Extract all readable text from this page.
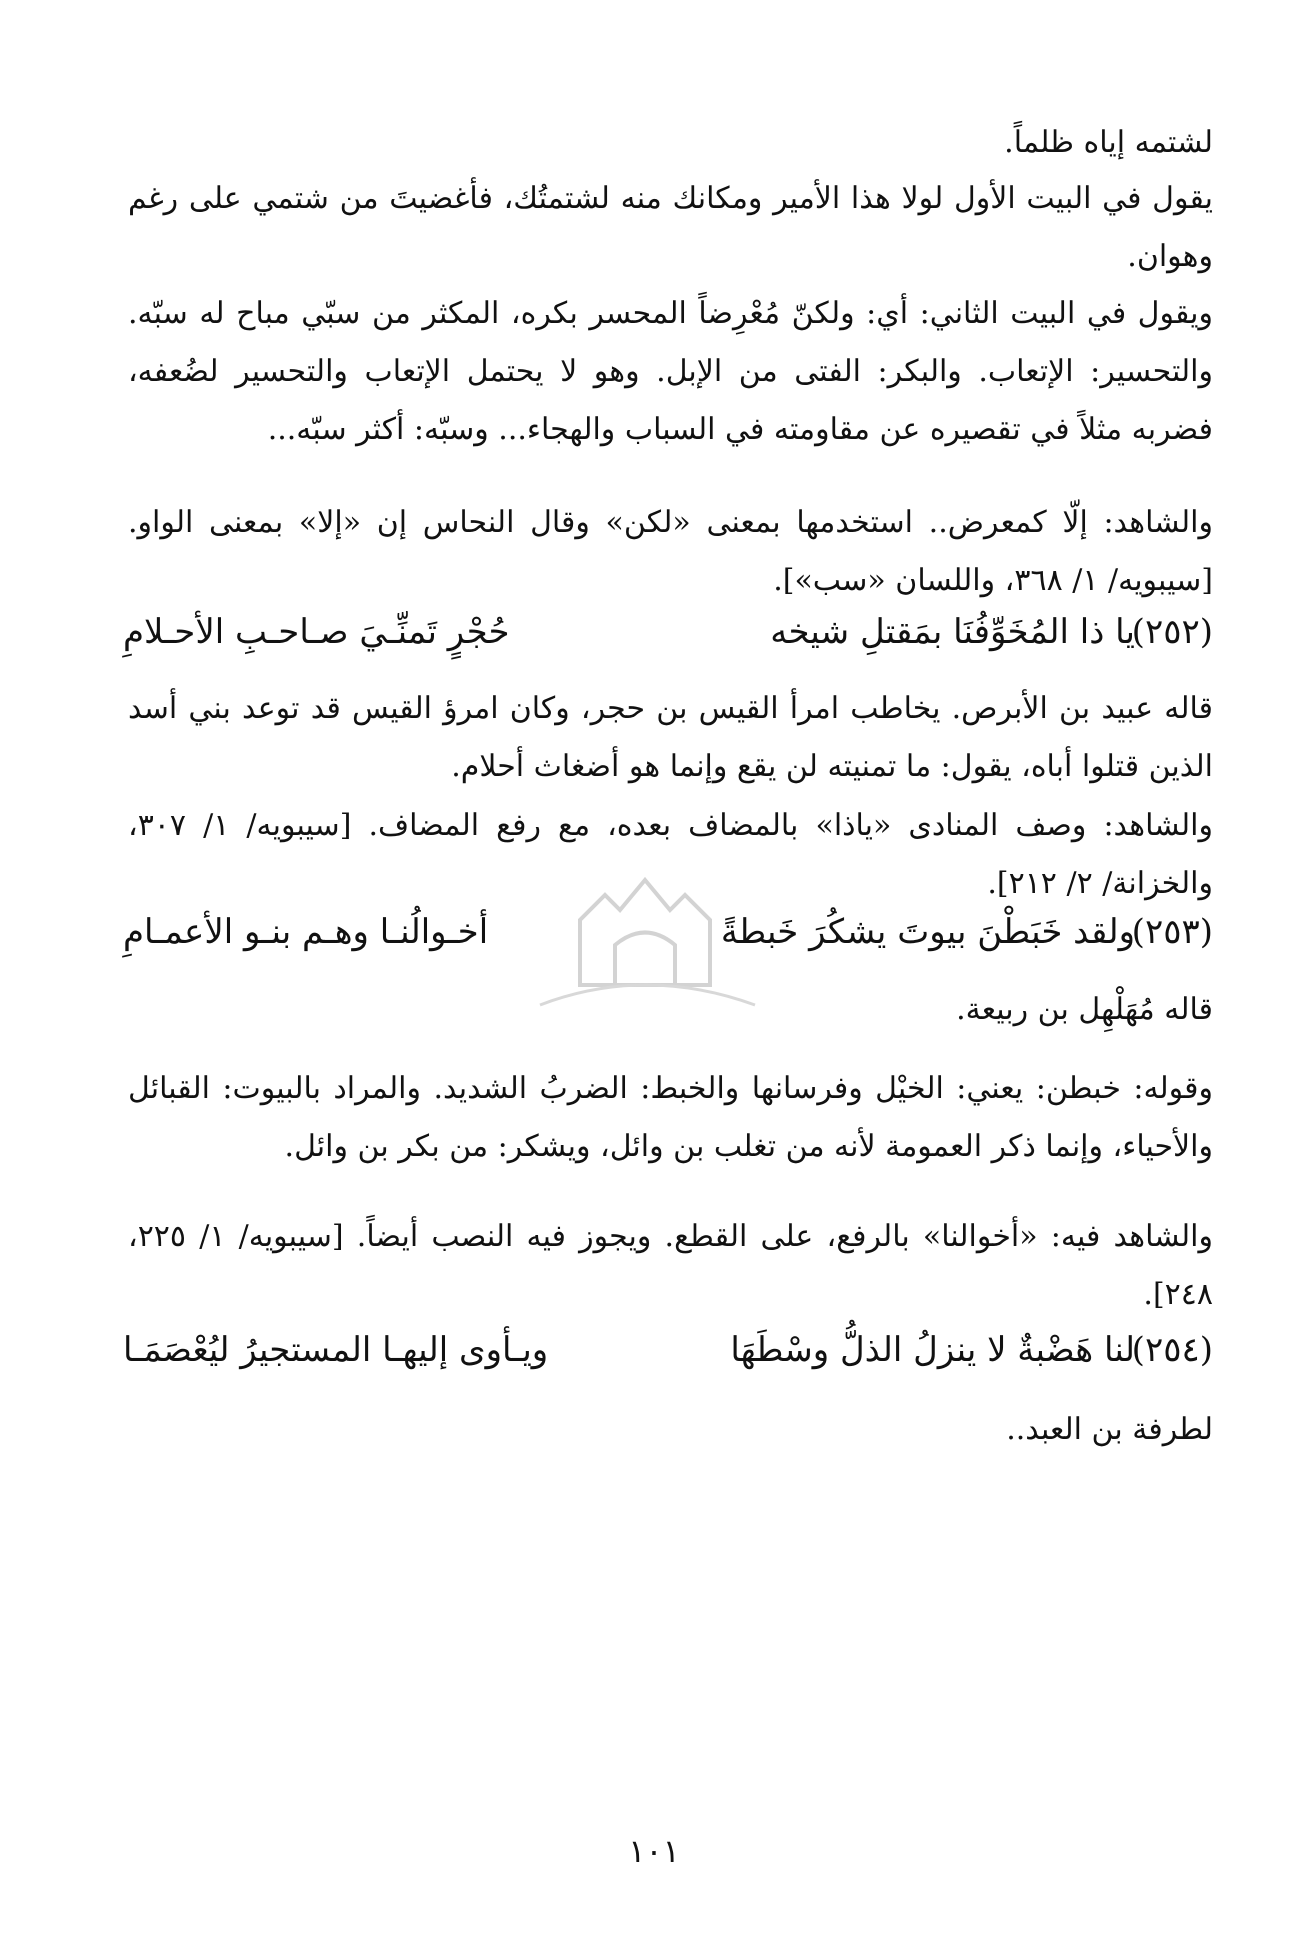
لشتمه إياه ظلماً.
يقول في البيت الأول لولا هذا الأمير ومكانك منه لشتمتُك، فأغضيتَ من شتمي على رغم وهوان.
ويقول في البيت الثاني: أي: ولكنّ مُعْرِضاً المحسر بكره، المكثر من سبّي مباح له سبّه. والتحسير: الإتعاب. والبكر: الفتى من الإبل. وهو لا يحتمل الإتعاب والتحسير لضُعفه، فضربه مثلاً في تقصيره عن مقاومته في السباب والهجاء... وسبّه: أكثر سبّه...
والشاهد: إلّا كمعرض.. استخدمها بمعنى «لكن» وقال النحاس إن «إلا» بمعنى الواو. [سيبويه/ ١/ ٣٦٨، واللسان «سب»].
(٢٥٢)
يا ذا المُخَوِّفُنَا بمَقتلِ شيخه
حُجْرٍ تَمنِّـيَ صـاحـبِ الأحـلامِ
قاله عبيد بن الأبرص. يخاطب امرأ القيس بن حجر، وكان امرؤ القيس قد توعد بني أسد الذين قتلوا أباه، يقول: ما تمنيته لن يقع وإنما هو أضغاث أحلام.
والشاهد: وصف المنادى «ياذا» بالمضاف بعده، مع رفع المضاف. [سيبويه/ ١/ ٣٠٧، والخزانة/ ٢/ ٢١٢].
(٢٥٣)
ولقد خَبَطْنَ بيوتَ يشكُرَ خَبطةً
أخـوالُنـا وهـم بنـو الأعمـامِ
قاله مُهَلْهِل بن ربيعة.
وقوله: خبطن: يعني: الخيْل وفرسانها والخبط: الضربُ الشديد. والمراد بالبيوت: القبائل والأحياء، وإنما ذكر العمومة لأنه من تغلب بن وائل، ويشكر: من بكر بن وائل.
والشاهد فيه: «أخوالنا» بالرفع، على القطع. ويجوز فيه النصب أيضاً. [سيبويه/ ١/ ٢٢٥، ٢٤٨].
(٢٥٤)
لنا هَضْبةٌ لا ينزلُ الذلُّ وسْطَهَا
ويـأوى إليهـا المستجيرُ ليُعْصَمَـا
لطرفة بن العبد..
١٠١
